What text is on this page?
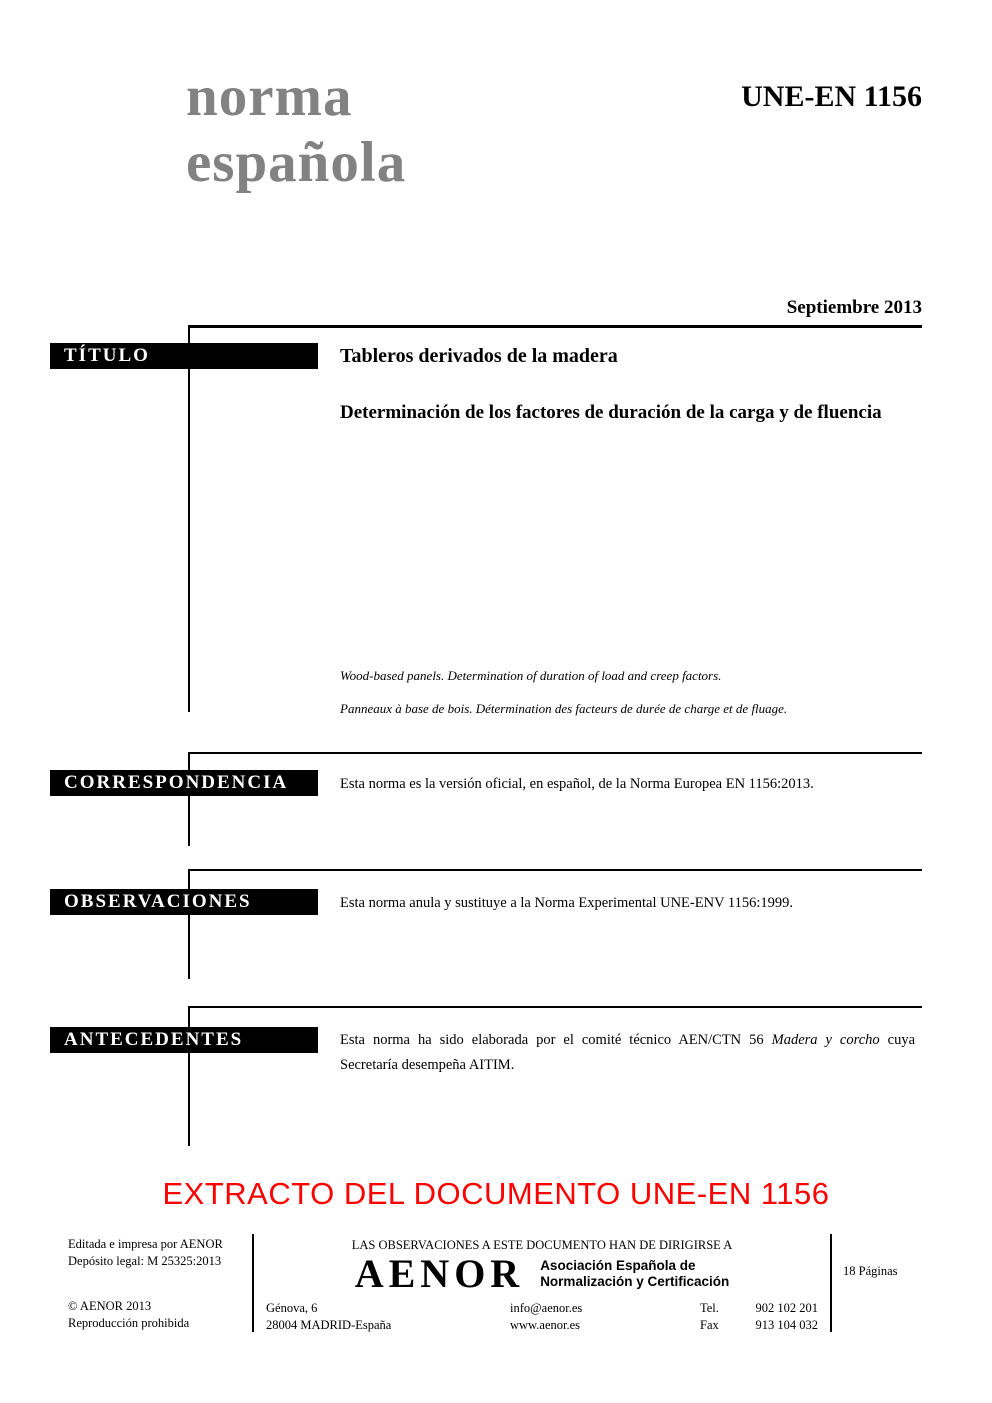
norma
española
UNE-EN 1156
Septiembre 2013
TÍTULO	Tableros derivados de la madera
Determinación de los factores de duración de la carga y de fluencia
Wood-based panels. Determination of duration of load and creep factors.
Panneaux à base de bois. Détermination des facteurs de durée de charge et de fluage.
CORRESPONDENCIA	Esta norma es la versión oficial, en español, de la Norma Europea EN 1156:2013.
OBSERVACIONES	Esta norma anula y sustituye a la Norma Experimental UNE-ENV 1156:1999.
ANTECEDENTES	Esta norma ha sido elaborada por el comité técnico AEN/CTN 56 Madera y corcho cuya Secretaría desempeña AITIM.
EXTRACTO DEL DOCUMENTO UNE-EN 1156
Editada e impresa por AENOR
Depósito legal: M 25325:2013
© AENOR 2013
Reproducción prohibida
LAS OBSERVACIONES A ESTE DOCUMENTO HAN DE DIRIGIRSE A
AENOR Asociación Española de
Normalización y Certificación
Génova, 6
28004 MADRID-España
info@aenor.es
www.aenor.es
Tel.	902 102 201
Fax	913 104 032
18 Páginas
